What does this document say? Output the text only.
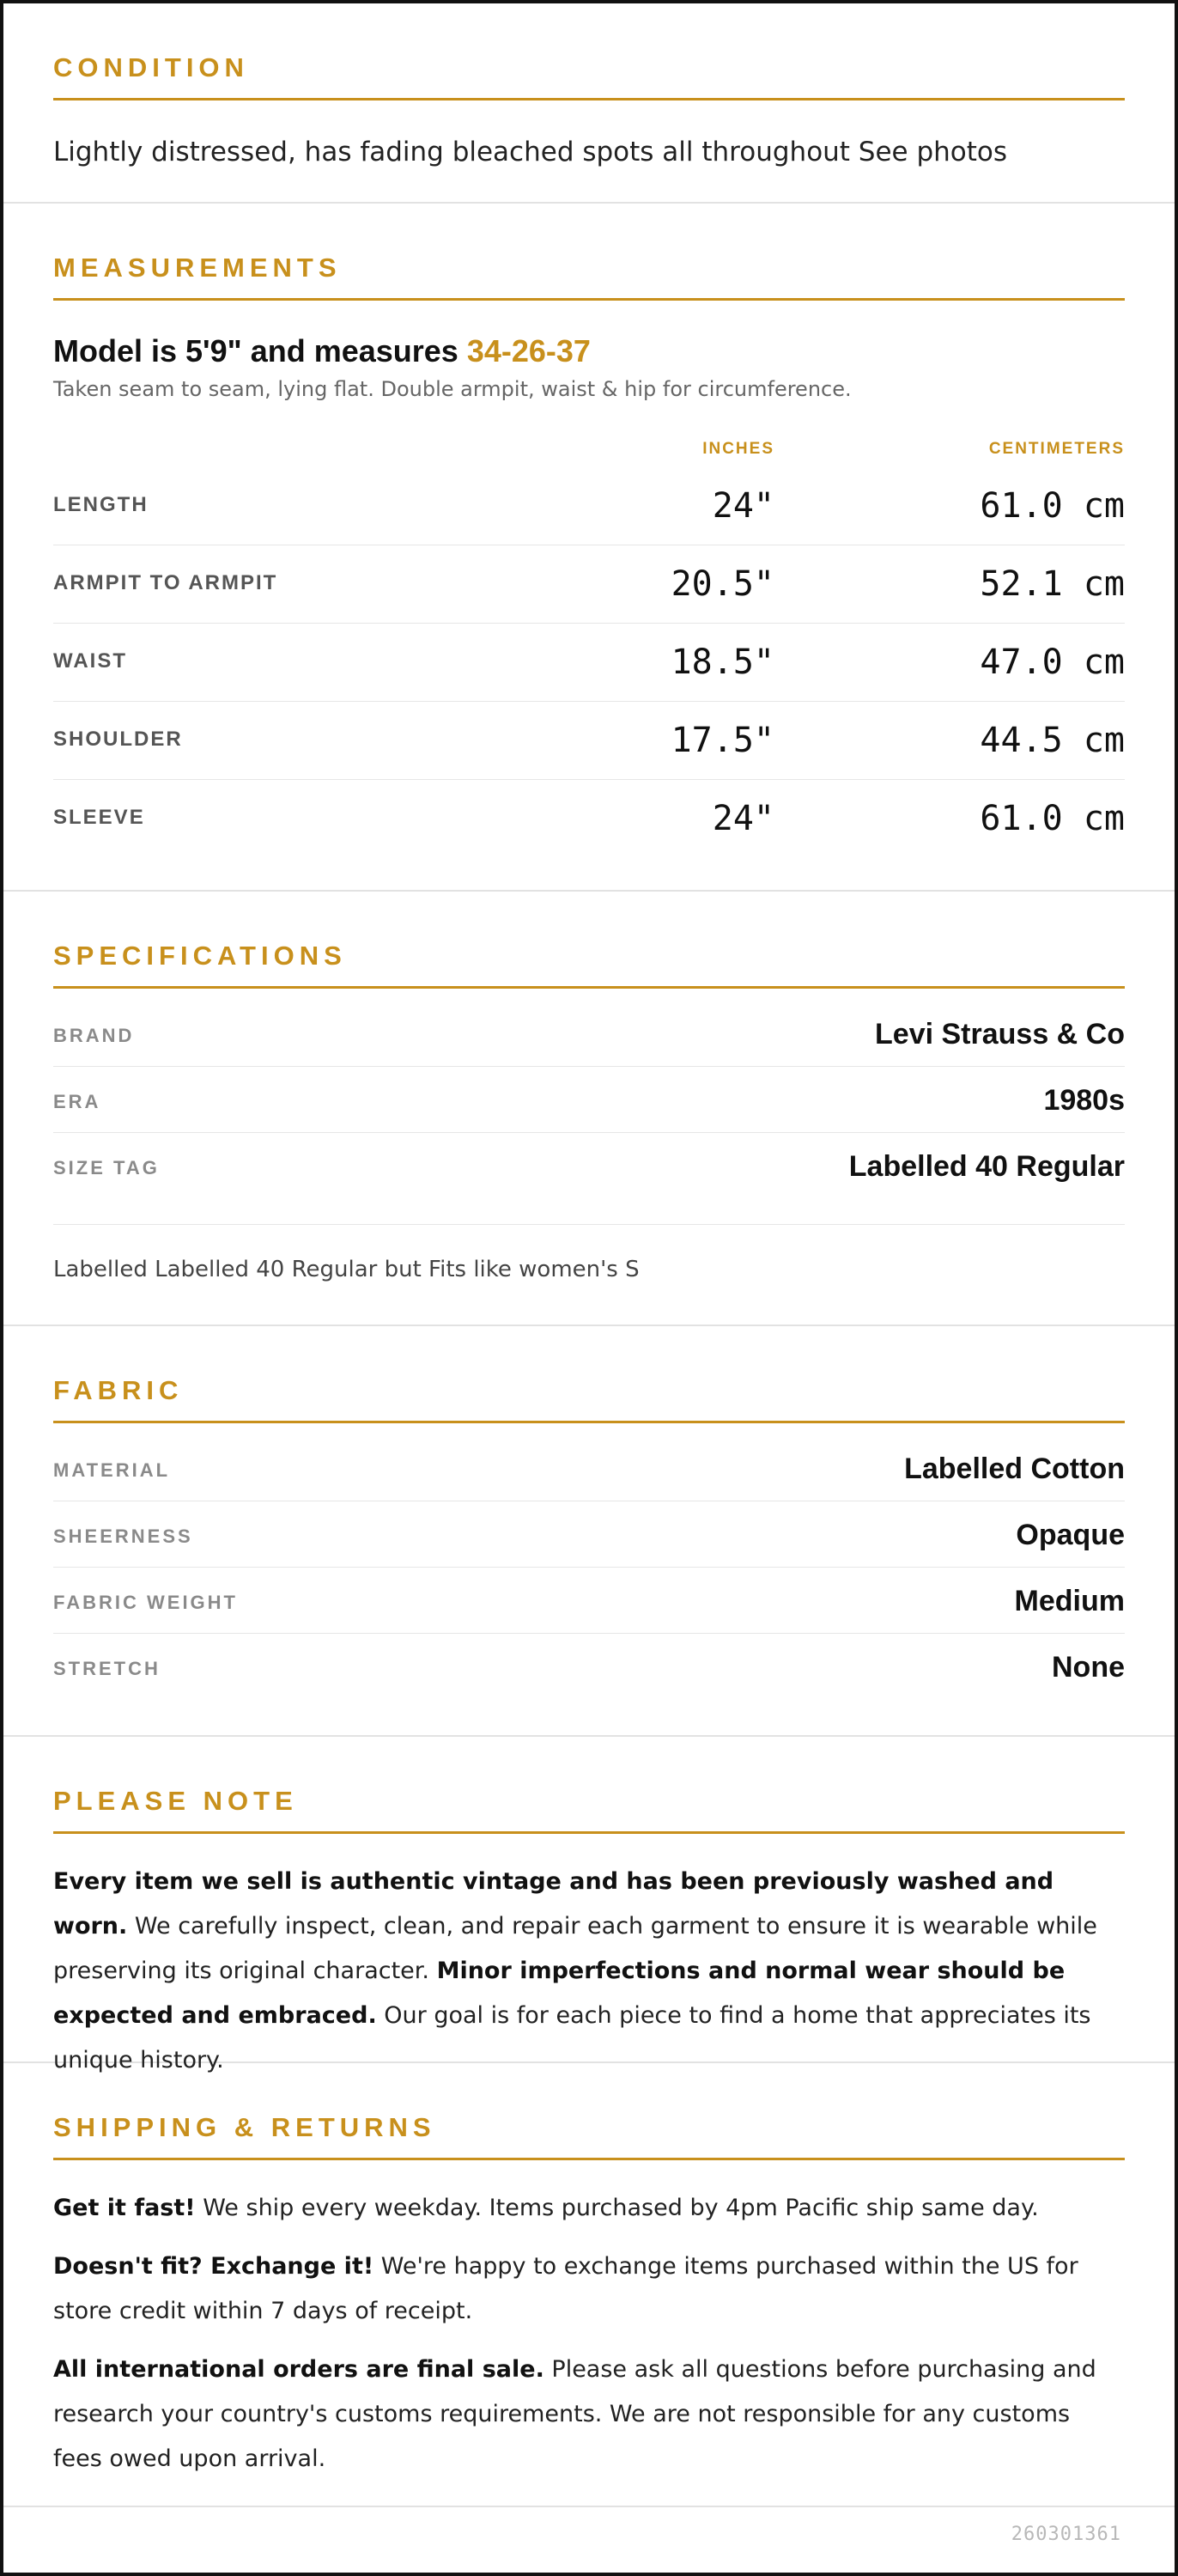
CONDITION
Lightly distressed, has fading bleached spots all throughout See photos
MEASUREMENTS
Model is 5'9" and measures 34-26-37
Taken seam to seam, lying flat. Double armpit, waist & hip for circumference.
INCHES	CENTIMETERS
LENGTH	24"	61.0 cm
ARMPIT TO ARMPIT	20.5"	52.1 cm
WAIST	18.5"	47.0 cm
SHOULDER	17.5"	44.5 cm
SLEEVE	24"	61.0 cm
SPECIFICATIONS
BRAND	Levi Strauss & Co
ERA	1980s
SIZE TAG	Labelled 40 Regular
Labelled Labelled 40 Regular but Fits like women's S
FABRIC
MATERIAL	Labelled Cotton
SHEERNESS	Opaque
FABRIC WEIGHT	Medium
STRETCH	None
PLEASE NOTE
Every item we sell is authentic vintage and has been previously washed and worn. We carefully inspect, clean, and repair each garment to ensure it is wearable while preserving its original character. Minor imperfections and normal wear should be expected and embraced. Our goal is for each piece to find a home that appreciates its unique history.
SHIPPING & RETURNS

Get it fast! We ship every weekday. Items purchased by 4pm Pacific ship same day.

Doesn't fit? Exchange it! We're happy to exchange items purchased within the US for store credit within 7 days of receipt.

All international orders are final sale. Please ask all questions before purchasing and research your country's customs requirements. We are not responsible for any customs fees owed upon arrival.

260301361
